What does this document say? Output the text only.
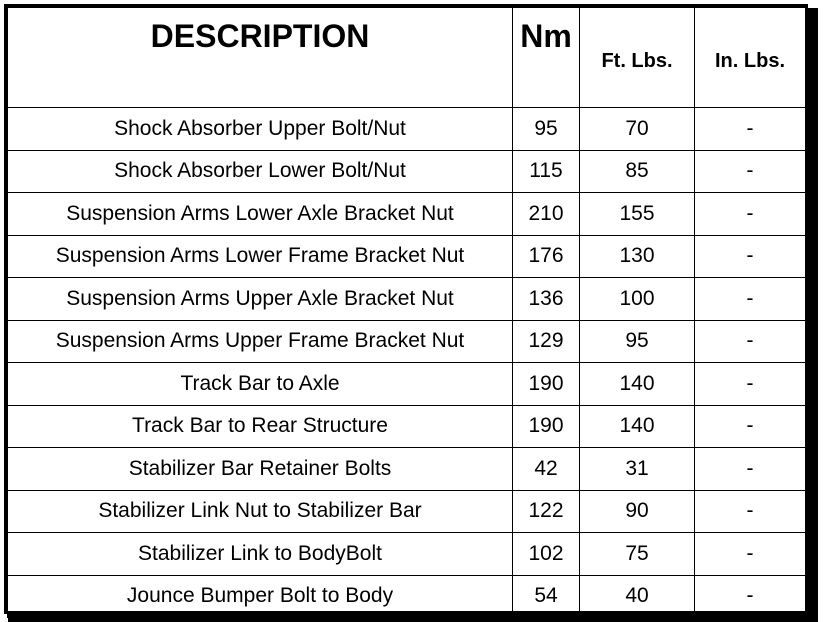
DESCRIPTION	Nm	Ft. Lbs.	In. Lbs.
Shock Absorber Upper Bolt/Nut	95	70	-
Shock Absorber Lower Bolt/Nut	115	85	-
Suspension Arms Lower Axle Bracket Nut	210	155	-
Suspension Arms Lower Frame Bracket Nut	176	130	-
Suspension Arms Upper Axle Bracket Nut	136	100	-
Suspension Arms Upper Frame Bracket Nut	129	95	-
Track Bar to Axle	190	140	-
Track Bar to Rear Structure	190	140	-
Stabilizer Bar Retainer Bolts	42	31	-
Stabilizer Link Nut to Stabilizer Bar	122	90	-
Stabilizer Link to BodyBolt	102	75	-
Jounce Bumper Bolt to Body	54	40	-
